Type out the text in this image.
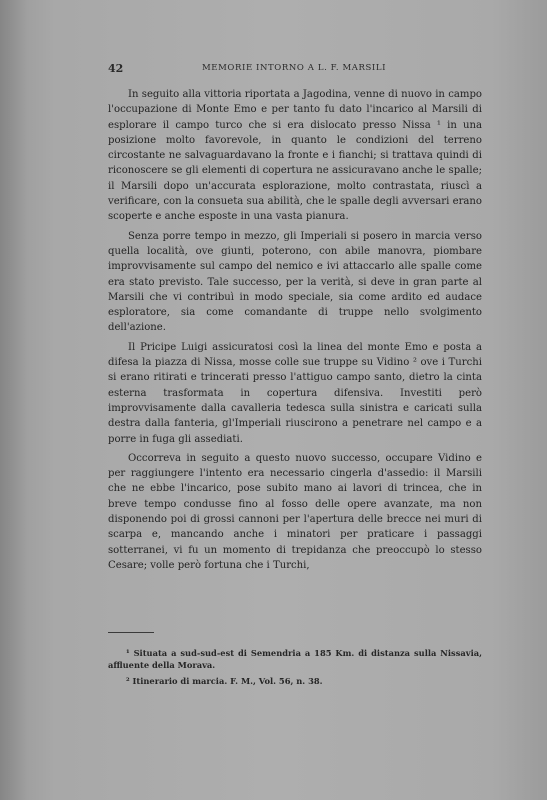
42	MEMORIE INTORNO A L. F. MARSILI

In seguito alla vittoria riportata a Jagodina, venne di nuovo in campo l'occupazione di Monte Emo e per tanto fu dato l'incarico al Marsili di esplorare il campo turco che si era dislocato presso Nissa ¹ in una posizione molto favorevole, in quanto le condizioni del terreno circostante ne salvaguardavano la fronte e i fianchi; si trattava quindi di riconoscere se gli elementi di copertura ne assicuravano anche le spalle; il Marsili dopo un'accurata esplorazione, molto contrastata, riuscì a verificare, con la consueta sua abilità, che le spalle degli avversari erano scoperte e anche esposte in una vasta pianura.

Senza porre tempo in mezzo, gli Imperiali si posero in marcia verso quella località, ove giunti, poterono, con abile manovra, piombare improvvisamente sul campo del nemico e ivi attaccarlo alle spalle come era stato previsto. Tale successo, per la verità, si deve in gran parte al Marsili che vi contribuì in modo speciale, sia come ardito ed audace esploratore, sia come comandante di truppe nello svolgimento dell'azione.

Il Pricipe Luigi assicuratosi così la linea del monte Emo e posta a difesa la piazza di Nissa, mosse colle sue truppe su Vidino ² ove i Turchi si erano ritirati e trincerati presso l'attiguo campo santo, dietro la cinta esterna trasformata in copertura difensiva. Investiti però improvvisamente dalla cavalleria tedesca sulla sinistra e caricati sulla destra dalla fanteria, gl'Imperiali riuscirono a penetrare nel campo e a porre in fuga gli assediati.

Occorreva in seguito a questo nuovo successo, occupare Vidino e per raggiungere l'intento era necessario cingerla d'assedio: il Marsili che ne ebbe l'incarico, pose subito mano ai lavori di trincea, che in breve tempo condusse fino al fosso delle opere avanzate, ma non disponendo poi di grossi cannoni per l'apertura delle brecce nei muri di scarpa e, mancando anche i minatori per praticare i passaggi sotterranei, vi fu un momento di trepidanza che preoccupò lo stesso Cesare; volle però fortuna che i Turchi,

¹ Situata a sud-sud-est di Semendria a 185 Km. di distanza sulla Nissavia, affluente della Morava.

² Itinerario di marcia. F. M., Vol. 56, n. 38.
